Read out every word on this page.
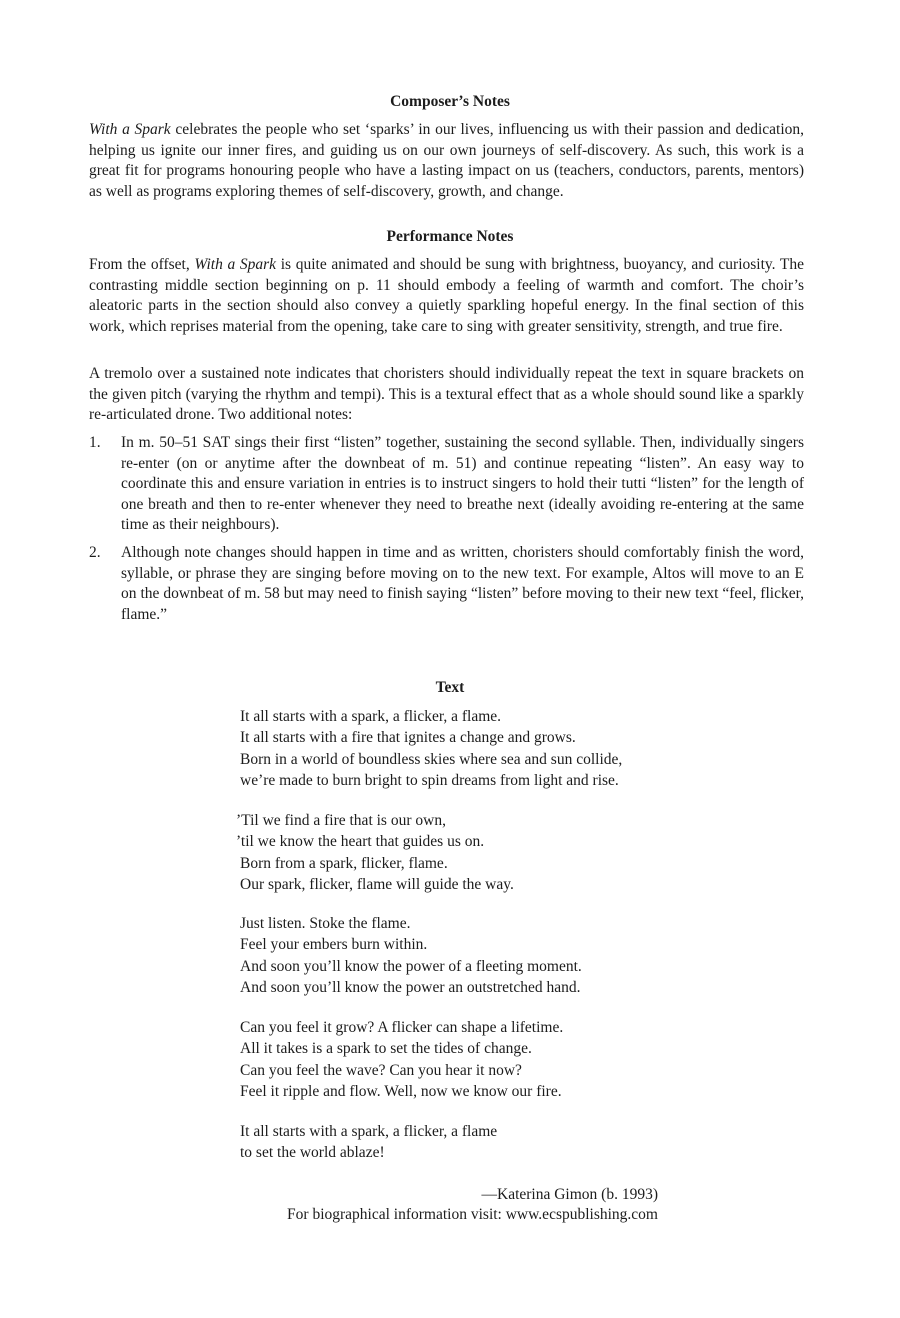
Composer’s Notes

With a Spark celebrates the people who set ‘sparks’ in our lives, influencing us with their passion and dedication, helping us ignite our inner fires, and guiding us on our own journeys of self-discovery. As such, this work is a great fit for programs honouring people who have a lasting impact on us (teachers, conductors, parents, mentors) as well as programs exploring themes of self-discovery, growth, and change.

Performance Notes

From the offset, With a Spark is quite animated and should be sung with brightness, buoyancy, and curiosity. The contrasting middle section beginning on p. 11 should embody a feeling of warmth and comfort. The choir’s aleatoric parts in the section should also convey a quietly sparkling hopeful energy. In the final section of this work, which reprises material from the opening, take care to sing with greater sensitivity, strength, and true fire.

A tremolo over a sustained note indicates that choristers should individually repeat the text in square brackets on the given pitch (varying the rhythm and tempi). This is a textural effect that as a whole should sound like a sparkly re-articulated drone. Two additional notes:

1. In m. 50–51 SAT sings their first “listen” together, sustaining the second syllable. Then, individually singers re-enter (on or anytime after the downbeat of m. 51) and continue repeating “listen”. An easy way to coordinate this and ensure variation in entries is to instruct singers to hold their tutti “listen” for the length of one breath and then to re-enter whenever they need to breathe next (ideally avoiding re-entering at the same time as their neighbours).
2. Although note changes should happen in time and as written, choristers should comfortably finish the word, syllable, or phrase they are singing before moving on to the new text. For example, Altos will move to an E on the downbeat of m. 58 but may need to finish saying “listen” before moving to their new text “feel, flicker, flame.”
Text
It all starts with a spark, a flicker, a flame.
It all starts with a fire that ignites a change and grows.
Born in a world of boundless skies where sea and sun collide,
we’re made to burn bright to spin dreams from light and rise.
’Til we find a fire that is our own,
’til we know the heart that guides us on.
Born from a spark, flicker, flame.
Our spark, flicker, flame will guide the way.
Just listen. Stoke the flame.
Feel your embers burn within.
And soon you’ll know the power of a fleeting moment.
And soon you’ll know the power an outstretched hand.
Can you feel it grow? A flicker can shape a lifetime.
All it takes is a spark to set the tides of change.
Can you feel the wave? Can you hear it now?
Feel it ripple and flow. Well, now we know our fire.
It all starts with a spark, a flicker, a flame
to set the world ablaze!
—Katerina Gimon (b. 1993)
For biographical information visit: www.ecspublishing.com
